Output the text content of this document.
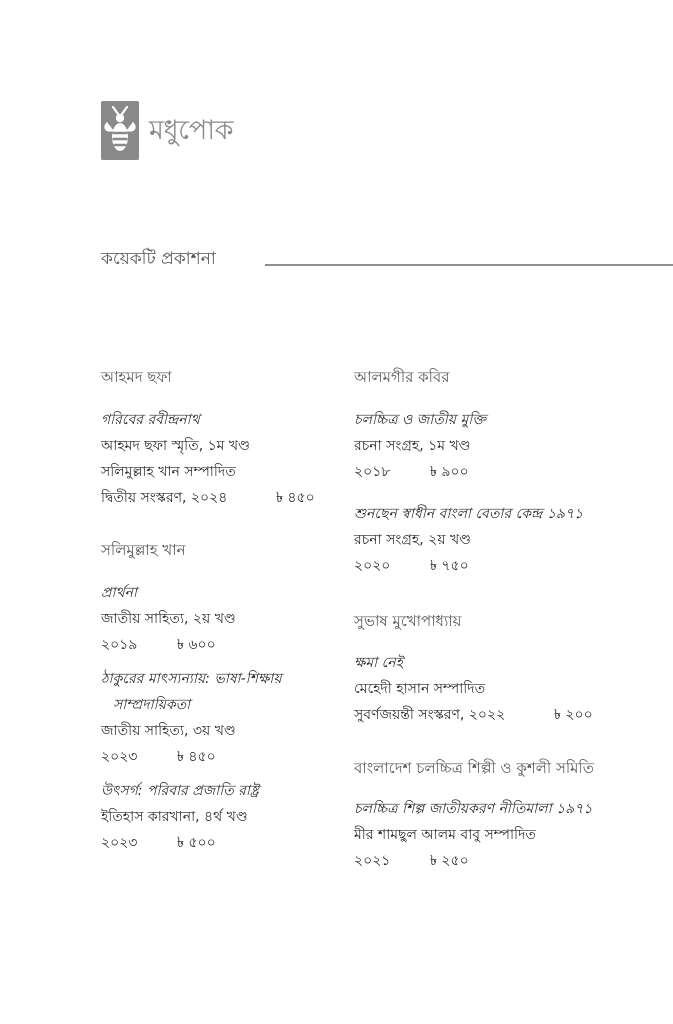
মধুপোক
কয়েকটি প্রকাশনা
আহমদ ছফা
গরিবের রবীন্দ্রনাথ
আহমদ ছফা স্মৃতি, ১ম খণ্ড
সলিমুল্লাহ খান সম্পাদিত
দ্বিতীয় সংস্করণ, ২০২৪	৳ ৪৫০
সলিমুল্লাহ খান
প্রার্থনা
জাতীয় সাহিত্য, ২য় খণ্ড
২০১৯	৳ ৬০০
ঠাকুরের মাৎস্যন্যায়: ভাষা-শিক্ষায়
সাম্প্রদায়িকতা
জাতীয় সাহিত্য, ৩য় খণ্ড
২০২৩	৳ ৪৫০
উৎসর্গ: পরিবার প্রজাতি রাষ্ট্র
ইতিহাস কারখানা, ৪র্থ খণ্ড
২০২৩	৳ ৫০০
আলমগীর কবির
চলচ্চিত্র ও জাতীয় মুক্তি
রচনা সংগ্রহ, ১ম খণ্ড
২০১৮	৳ ৯০০
শুনছেন স্বাধীন বাংলা বেতার কেন্দ্র ১৯৭১
রচনা সংগ্রহ, ২য় খণ্ড
২০২০	৳ ৭৫০
সুভাষ মুখোপাধ্যায়
ক্ষমা নেই
মেহেদী হাসান সম্পাদিত
সুবর্ণজয়ন্তী সংস্করণ, ২০২২	৳ ২০০
বাংলাদেশ চলচ্চিত্র শিল্পী ও কুশলী সমিতি
চলচ্চিত্র শিল্প জাতীয়করণ নীতিমালা ১৯৭১
মীর শামছুল আলম বাবু সম্পাদিত
২০২১	৳ ২৫০
